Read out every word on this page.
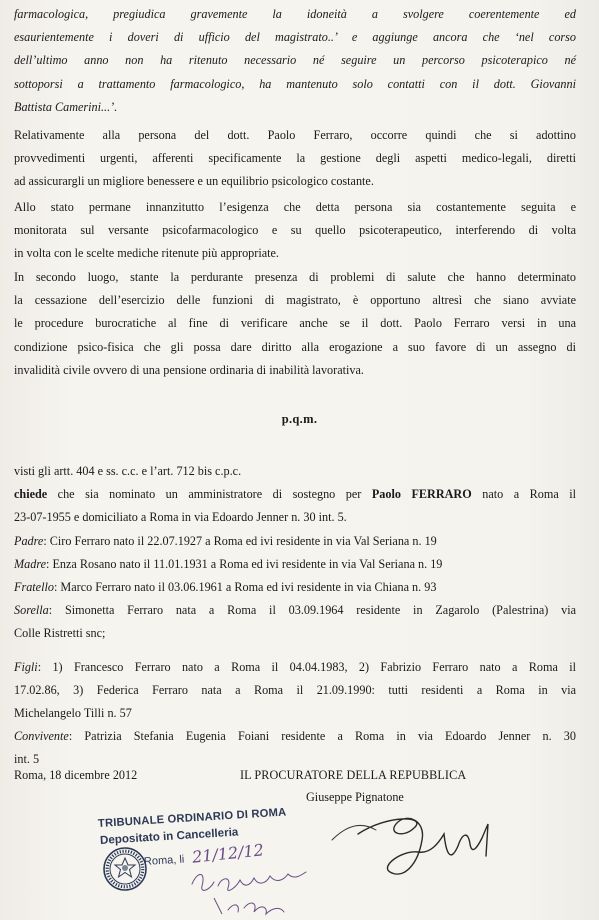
farmacologica, pregiudica gravemente la idoneità a svolgere coerentemente ed

esaurientemente i doveri di ufficio del magistrato..’ e aggiunge ancora che ‘nel corso

dell’ultimo anno non ha ritenuto necessario né seguire un percorso psicoterapico né

sottoporsi a trattamento farmacologico, ha mantenuto solo contatti con il dott. Giovanni

Battista Camerini...’.

Relativamente alla persona del dott. Paolo Ferraro, occorre quindi che si adottino

provvedimenti urgenti, afferenti specificamente la gestione degli aspetti medico-legali, diretti

ad assicurargli un migliore benessere e un equilibrio psicologico costante.

Allo stato permane innanzitutto l’esigenza che detta persona sia costantemente seguita e

monitorata sul versante psicofarmacologico e su quello psicoterapeutico, interferendo di volta

in volta con le scelte mediche ritenute più appropriate.

In secondo luogo, stante la perdurante presenza di problemi di salute che hanno determinato

la cessazione dell’esercizio delle funzioni di magistrato, è opportuno altresì che siano avviate

le procedure burocratiche al fine di verificare anche se il dott. Paolo Ferraro versi in una

condizione psico-fisica che gli possa dare diritto alla erogazione a suo favore di un assegno di

invalidità civile ovvero di una pensione ordinaria di inabilità lavorativa.

p.q.m.

visti gli artt. 404 e ss. c.c. e l’art. 712 bis c.p.c.

chiede che sia nominato un amministratore di sostegno per Paolo FERRARO nato a Roma il

23-07-1955 e domiciliato a Roma in via Edoardo Jenner n. 30 int. 5.

Padre: Ciro Ferraro nato il 22.07.1927 a Roma ed ivi residente in via Val Seriana n. 19

Madre: Enza Rosano nato il 11.01.1931 a Roma ed ivi residente in via Val Seriana n. 19

Fratello: Marco Ferraro nato il 03.06.1961 a Roma ed ivi residente in via Chiana n. 93

Sorella: Simonetta Ferraro nata a Roma il 03.09.1964 residente in Zagarolo (Palestrina) via

Colle Ristretti snc;

Figli: 1) Francesco Ferraro nato a Roma il 04.04.1983, 2) Fabrizio Ferraro nato a Roma il

17.02.86, 3) Federica Ferraro nata a Roma il 21.09.1990: tutti residenti a Roma in via

Michelangelo Tilli n. 57

Convivente: Patrizia Stefania Eugenia Foiani residente a Roma in via Edoardo Jenner n. 30

int. 5

Roma, 18 dicembre 2012	IL PROCURATORE DELLA REPUBBLICA
Giuseppe Pignatone
TRIBUNALE ORDINARIO DI ROMA
Depositato in Cancelleria
Roma, li 21/12/12
